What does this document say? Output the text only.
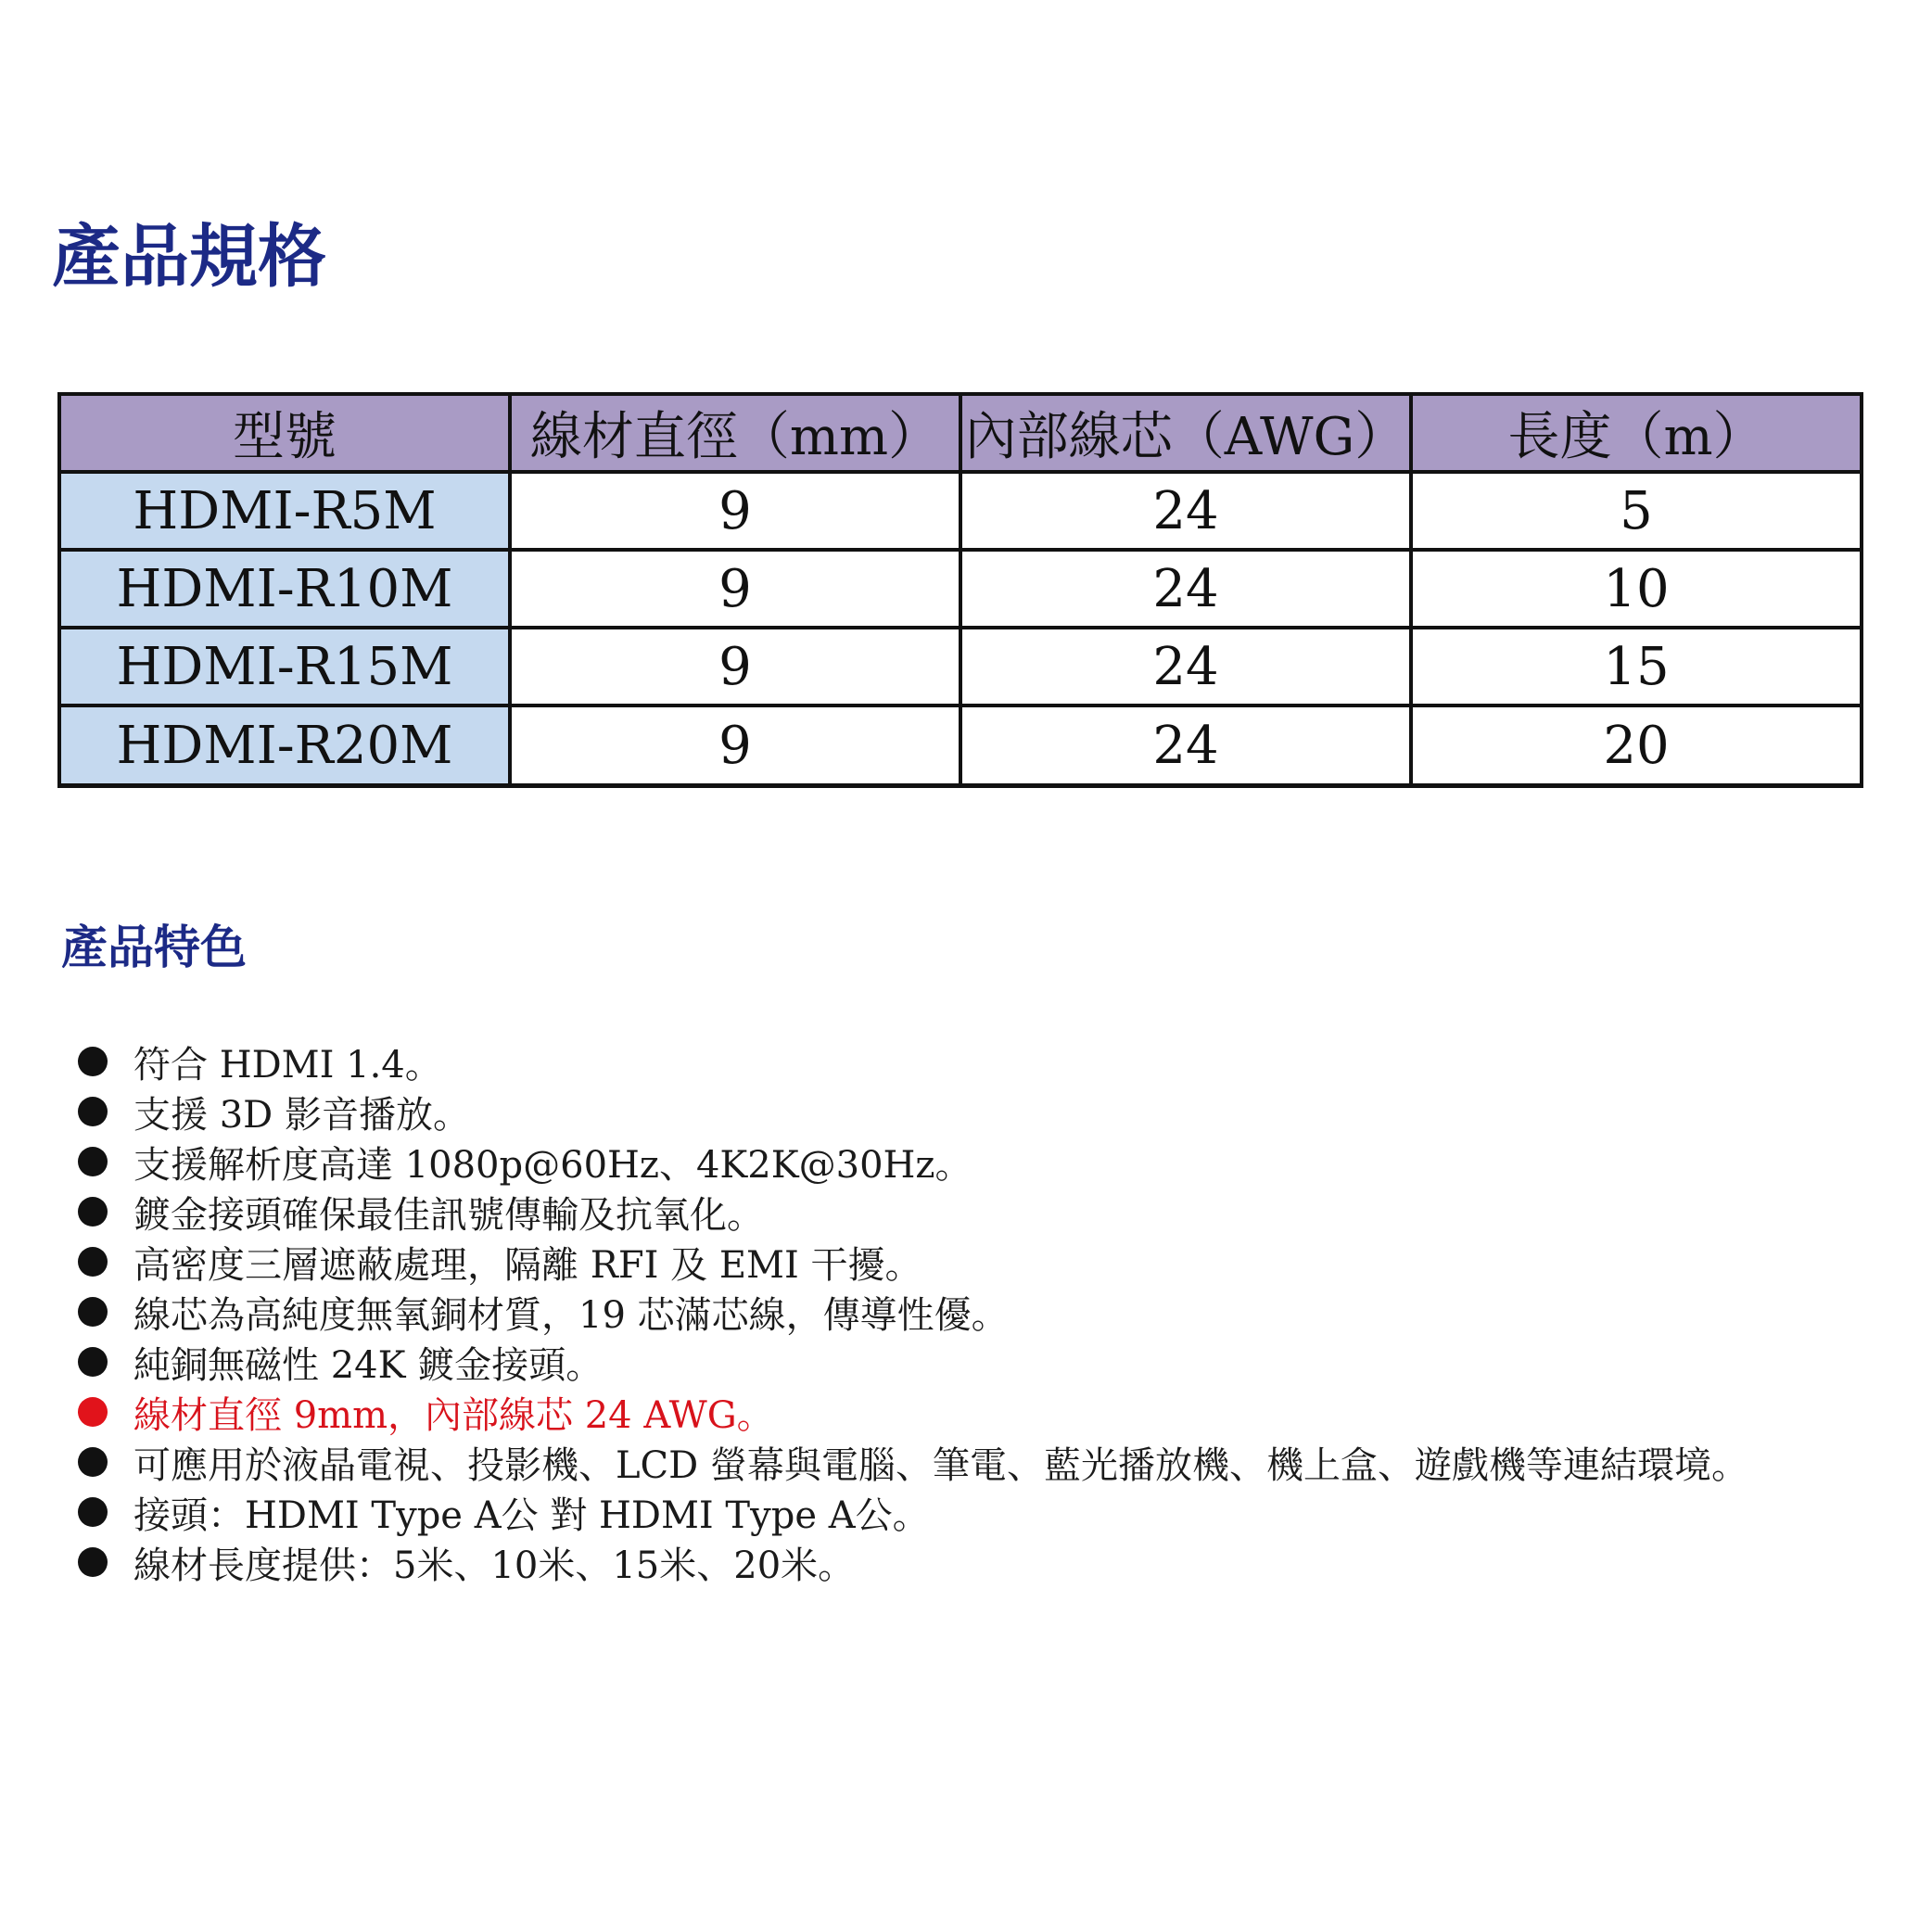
產品規格
型號	線材直徑（mm）	內部線芯（AWG）	長度（m）
HDMI-R5M	9	24	5
HDMI-R10M	9	24	10
HDMI-R15M	9	24	15
HDMI-R20M	9	24	20
產品特色
符合 HDMI 1.4。
支援 3D 影音播放。
支援解析度高達 1080p@60Hz、4K2K@30Hz。
鍍金接頭確保最佳訊號傳輸及抗氧化。
高密度三層遮蔽處理，隔離 RFI 及 EMI 干擾。
線芯為高純度無氧銅材質，19 芯滿芯線，傳導性優。
純銅無磁性 24K 鍍金接頭。
線材直徑 9mm，內部線芯 24 AWG。
可應用於液晶電視、投影機、LCD 螢幕與電腦、筆電、藍光播放機、機上盒、遊戲機等連結環境。
接頭：HDMI Type A公 對 HDMI Type A公。
線材長度提供：5米、10米、15米、20米。
